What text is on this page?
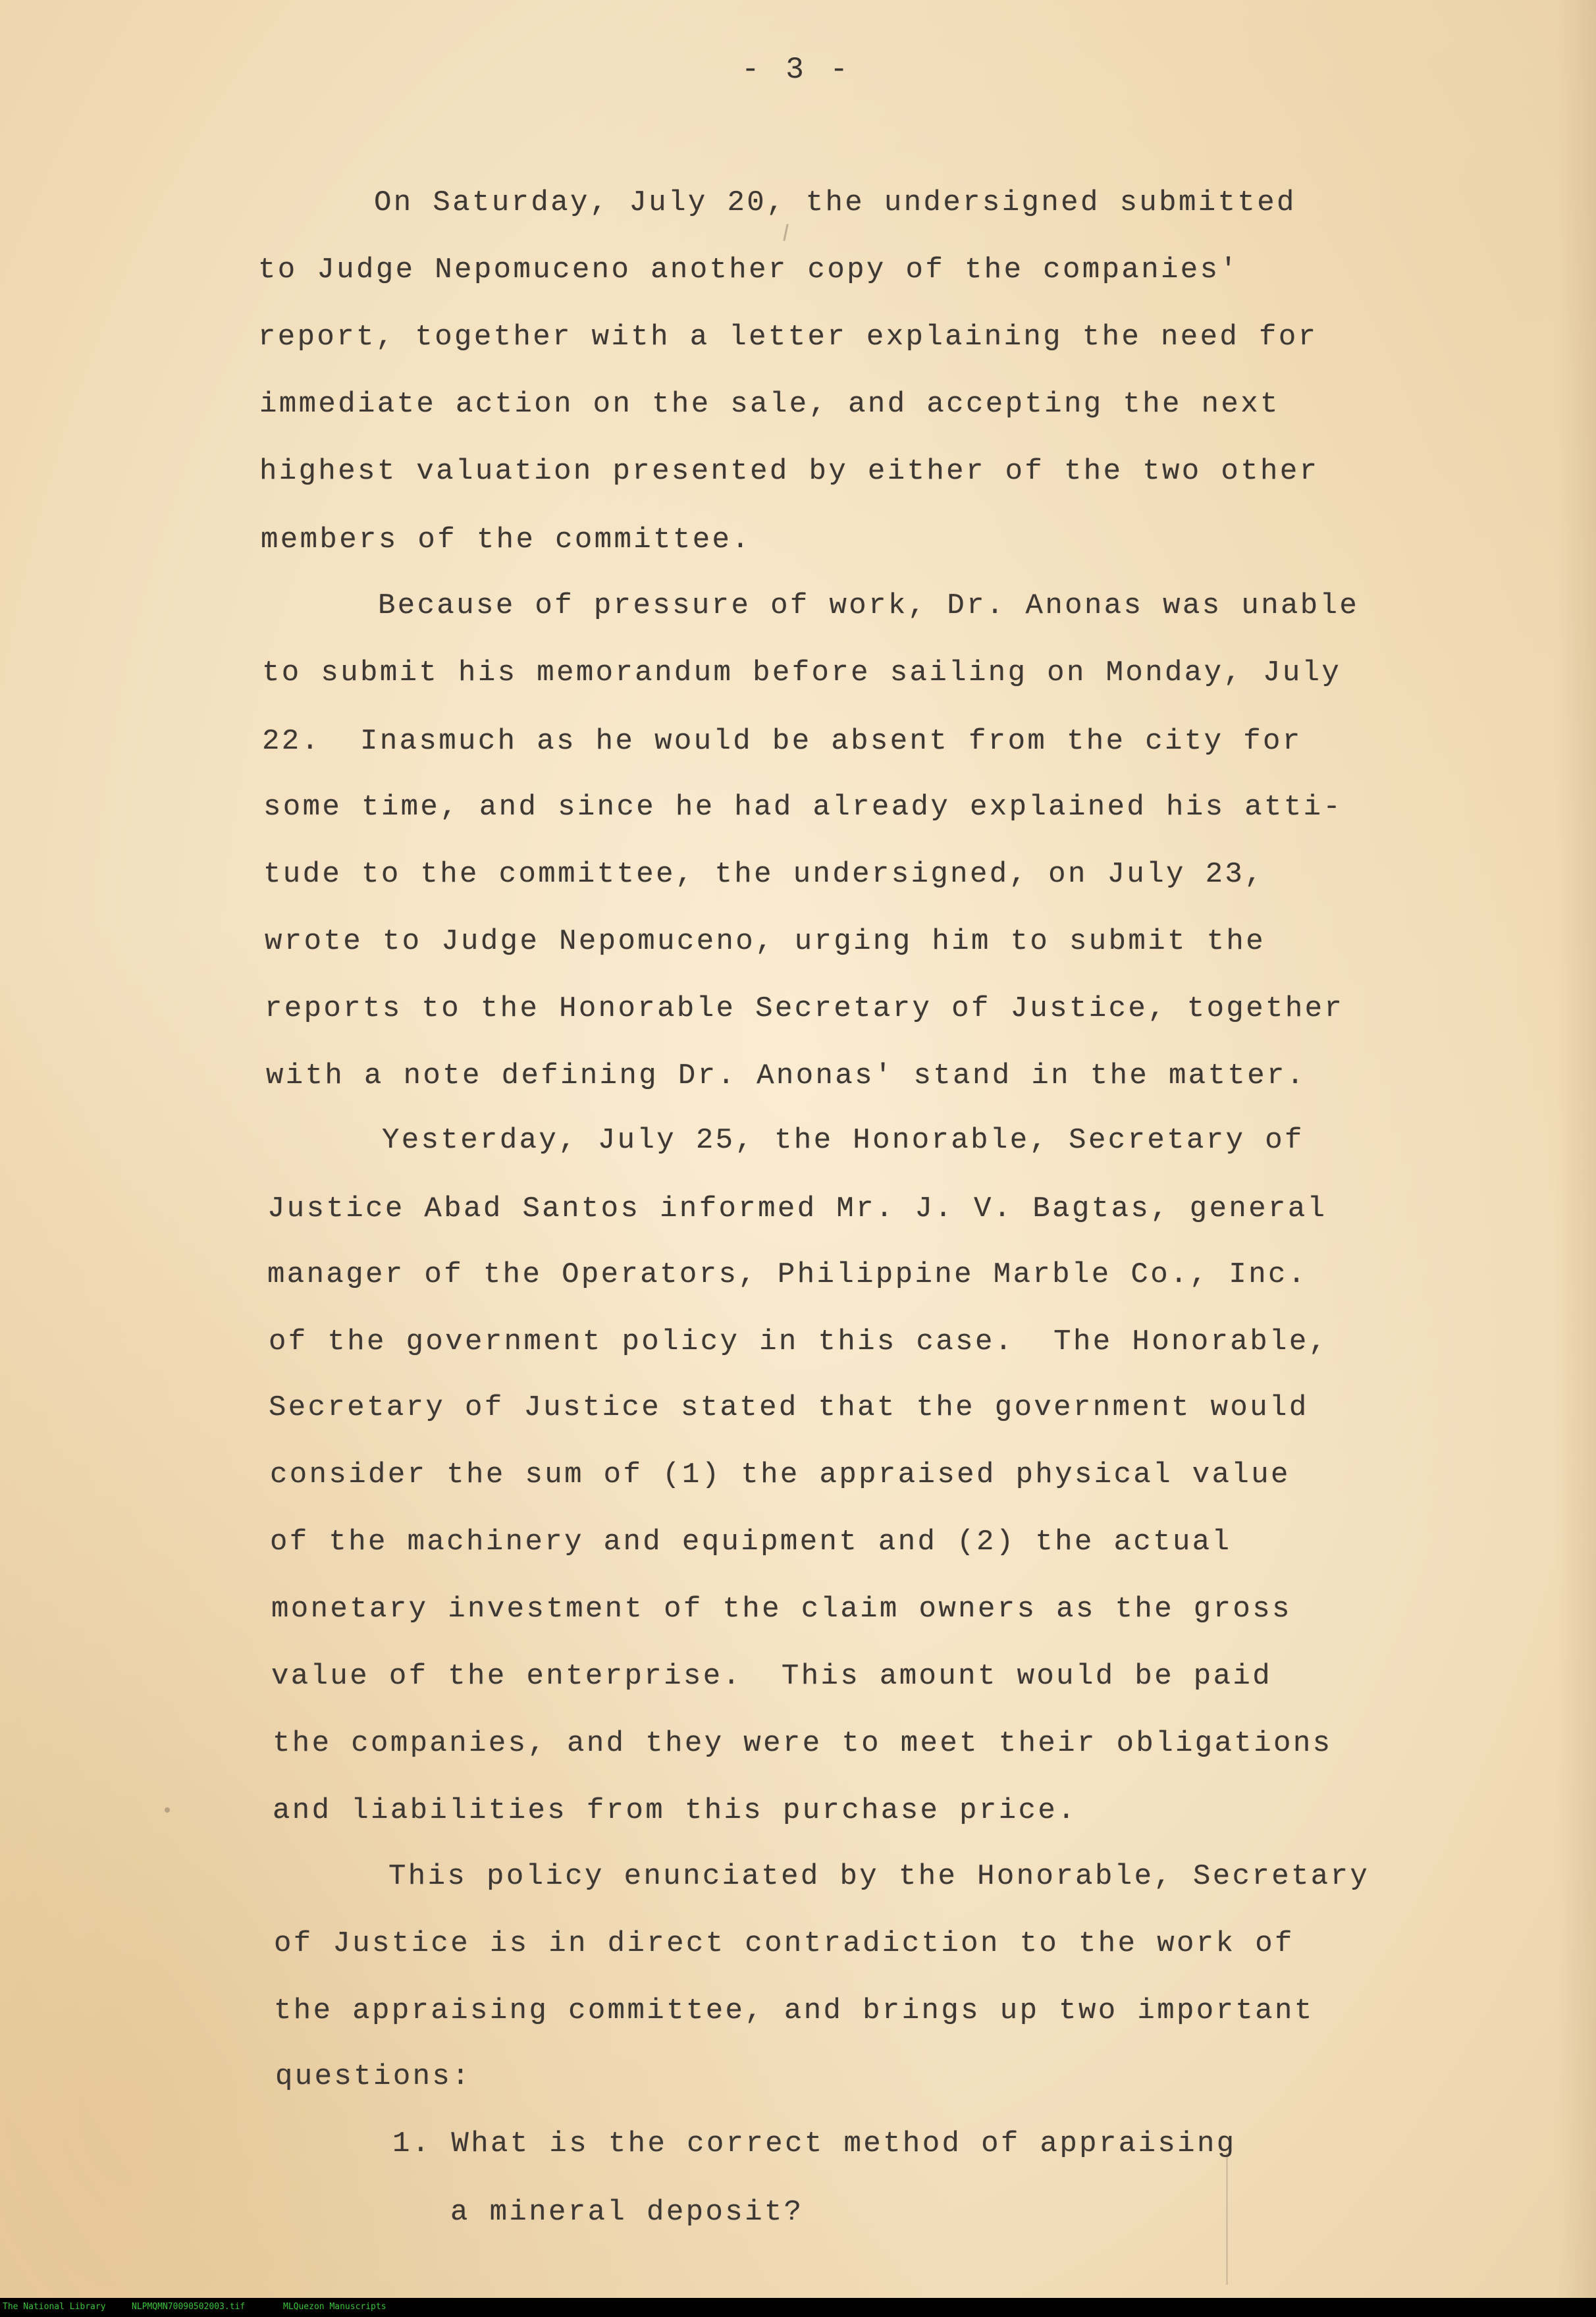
- 3 -
On Saturday, July 20, the undersigned submitted
to Judge Nepomuceno another copy of the companies'
report, together with a letter explaining the need for
immediate action on the sale, and accepting the next
highest valuation presented by either of the two other
members of the committee.
Because of pressure of work, Dr. Anonas was unable
to submit his memorandum before sailing on Monday, July
22.  Inasmuch as he would be absent from the city for
some time, and since he had already explained his atti-
tude to the committee, the undersigned, on July 23,
wrote to Judge Nepomuceno, urging him to submit the
reports to the Honorable Secretary of Justice, together
with a note defining Dr. Anonas' stand in the matter.
Yesterday, July 25, the Honorable, Secretary of
Justice Abad Santos informed Mr. J. V. Bagtas, general
manager of the Operators, Philippine Marble Co., Inc.
of the government policy in this case.  The Honorable,
Secretary of Justice stated that the government would
consider the sum of (1) the appraised physical value
of the machinery and equipment and (2) the actual
monetary investment of the claim owners as the gross
value of the enterprise.  This amount would be paid
the companies, and they were to meet their obligations
and liabilities from this purchase price.
This policy enunciated by the Honorable, Secretary
of Justice is in direct contradiction to the work of
the appraising committee, and brings up two important
questions:
1. What is the correct method of appraising
a mineral deposit?
The National Library	NLPMQMN70090502003.tif	MLQuezon Manuscripts
